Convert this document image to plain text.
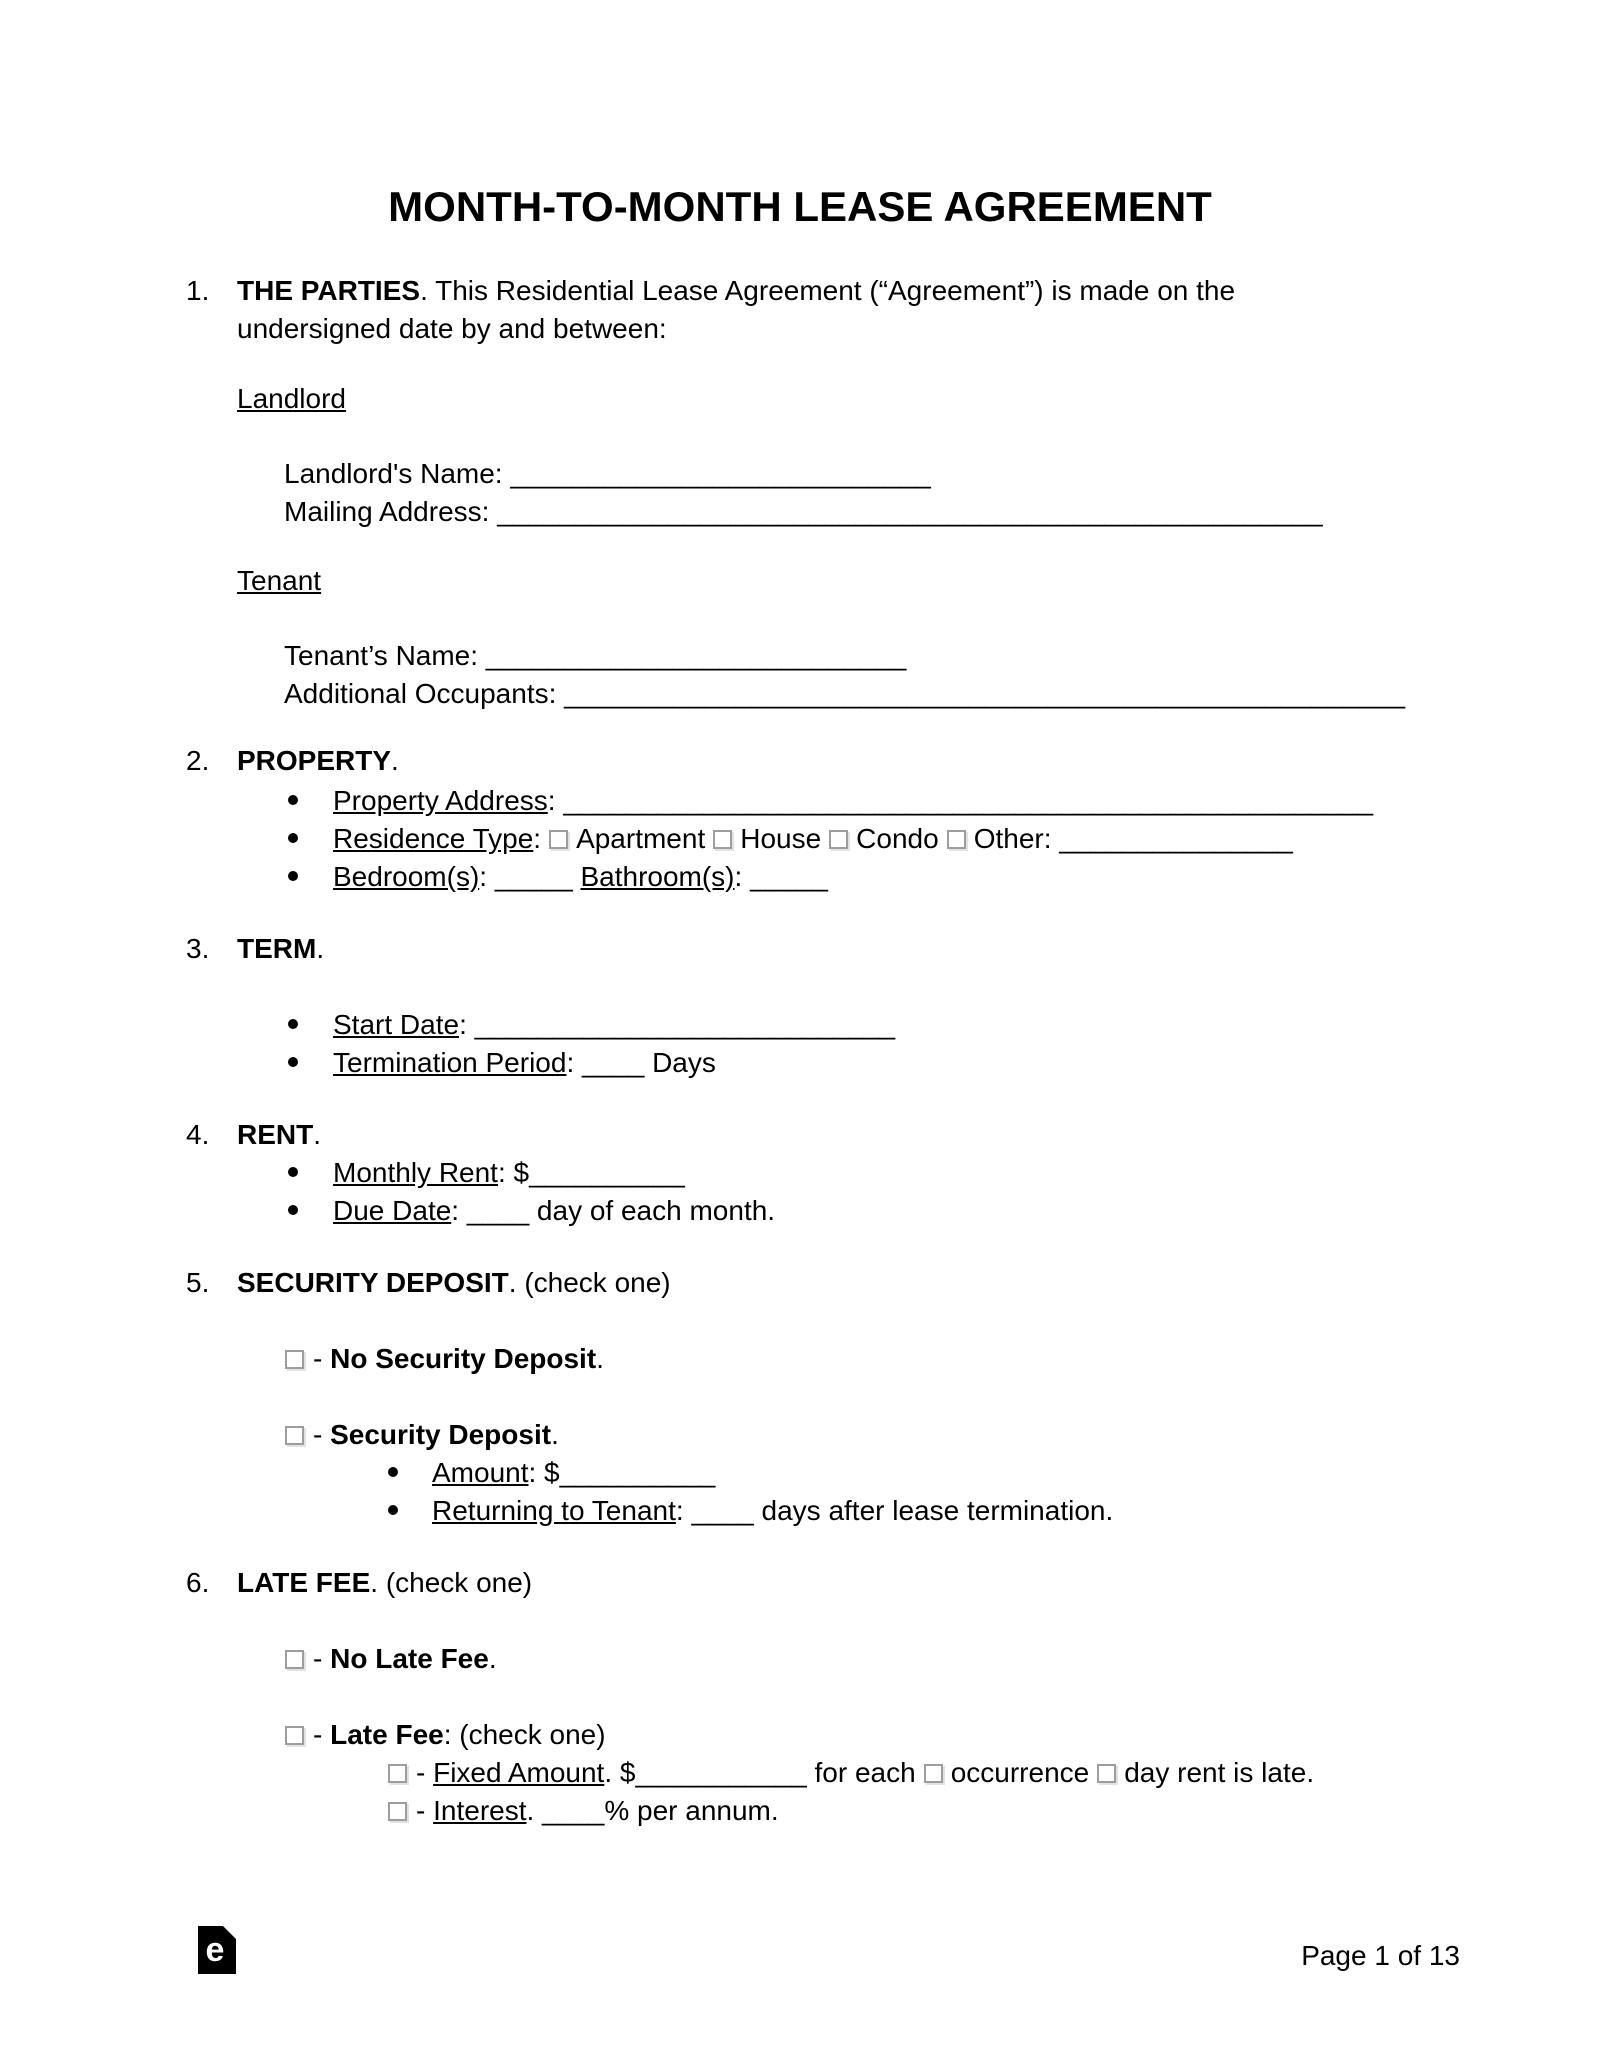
MONTH-TO-MONTH LEASE AGREEMENT
1. THE PARTIES. This Residential Lease Agreement (“Agreement”) is made on the undersigned date by and between:
Landlord
Landlord's Name: ___________________________
Mailing Address: _____________________________________________________
Tenant
Tenant’s Name: ___________________________
Additional Occupants: ______________________________________________________
2. PROPERTY.
Property Address: ____________________________________________________
Residence Type: Apartment House Condo Other: _______________
Bedroom(s): _____ Bathroom(s): _____
3. TERM.
Start Date: ___________________________
Termination Period: ____ Days
4. RENT.
Monthly Rent: $__________
Due Date: ____ day of each month.
5. SECURITY DEPOSIT. (check one)
- No Security Deposit.
- Security Deposit.
Amount: $__________
Returning to Tenant: ____ days after lease termination.
6. LATE FEE. (check one)
- No Late Fee.
- Late Fee: (check one)
- Fixed Amount. $___________ for each occurrence day rent is late.
- Interest. ____% per annum.
e	Page 1 of 13
